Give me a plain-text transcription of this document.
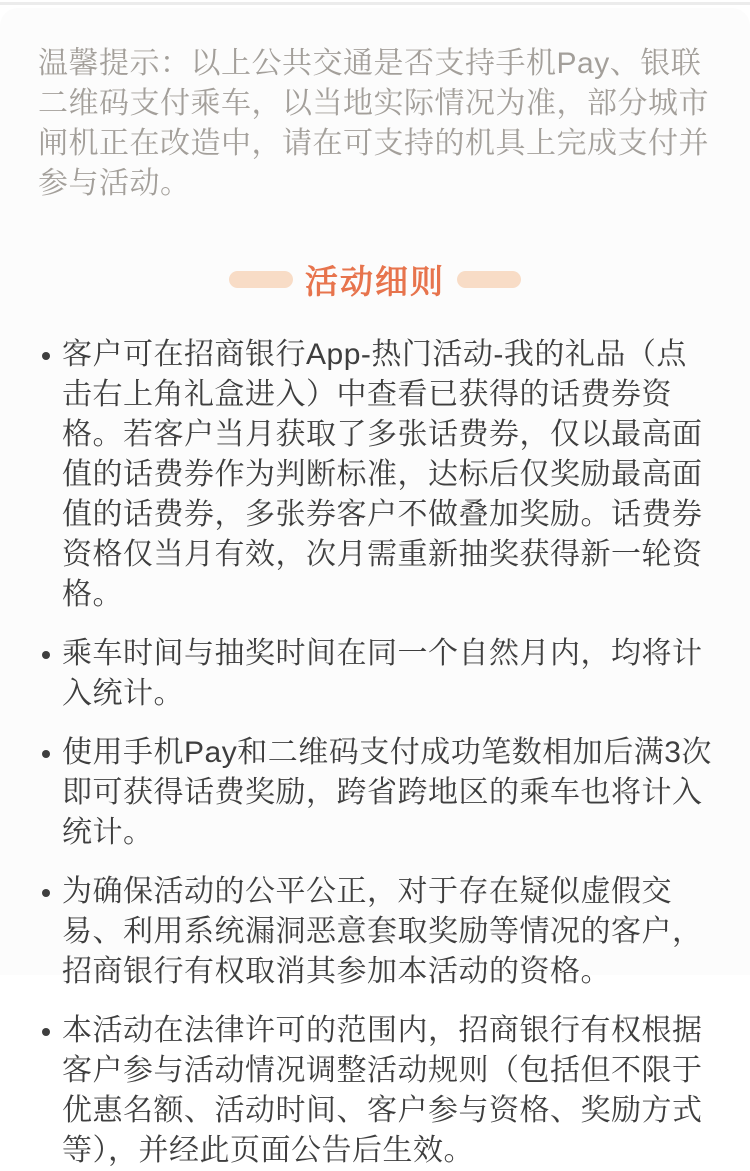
温馨提示：以上公共交通是否支持手机Pay、银联二维码支付乘车，以当地实际情况为准，部分城市闸机正在改造中，请在可支持的机具上完成支付并参与活动。

活动细则
客户可在招商银行App-热门活动-我的礼品（点击右上角礼盒进入）中查看已获得的话费券资格。若客户当月获取了多张话费券，仅以最高面值的话费券作为判断标准，达标后仅奖励最高面值的话费券，多张券客户不做叠加奖励。话费券资格仅当月有效，次月需重新抽奖获得新一轮资格。
乘车时间与抽奖时间在同一个自然月内，均将计入统计。
使用手机Pay和二维码支付成功笔数相加后满3次即可获得话费奖励，跨省跨地区的乘车也将计入统计。
为确保活动的公平公正，对于存在疑似虚假交易、利用系统漏洞恶意套取奖励等情况的客户，招商银行有权取消其参加本活动的资格。
本活动在法律许可的范围内，招商银行有权根据客户参与活动情况调整活动规则（包括但不限于优惠名额、活动时间、客户参与资格、奖励方式等），并经此页面公告后生效。
